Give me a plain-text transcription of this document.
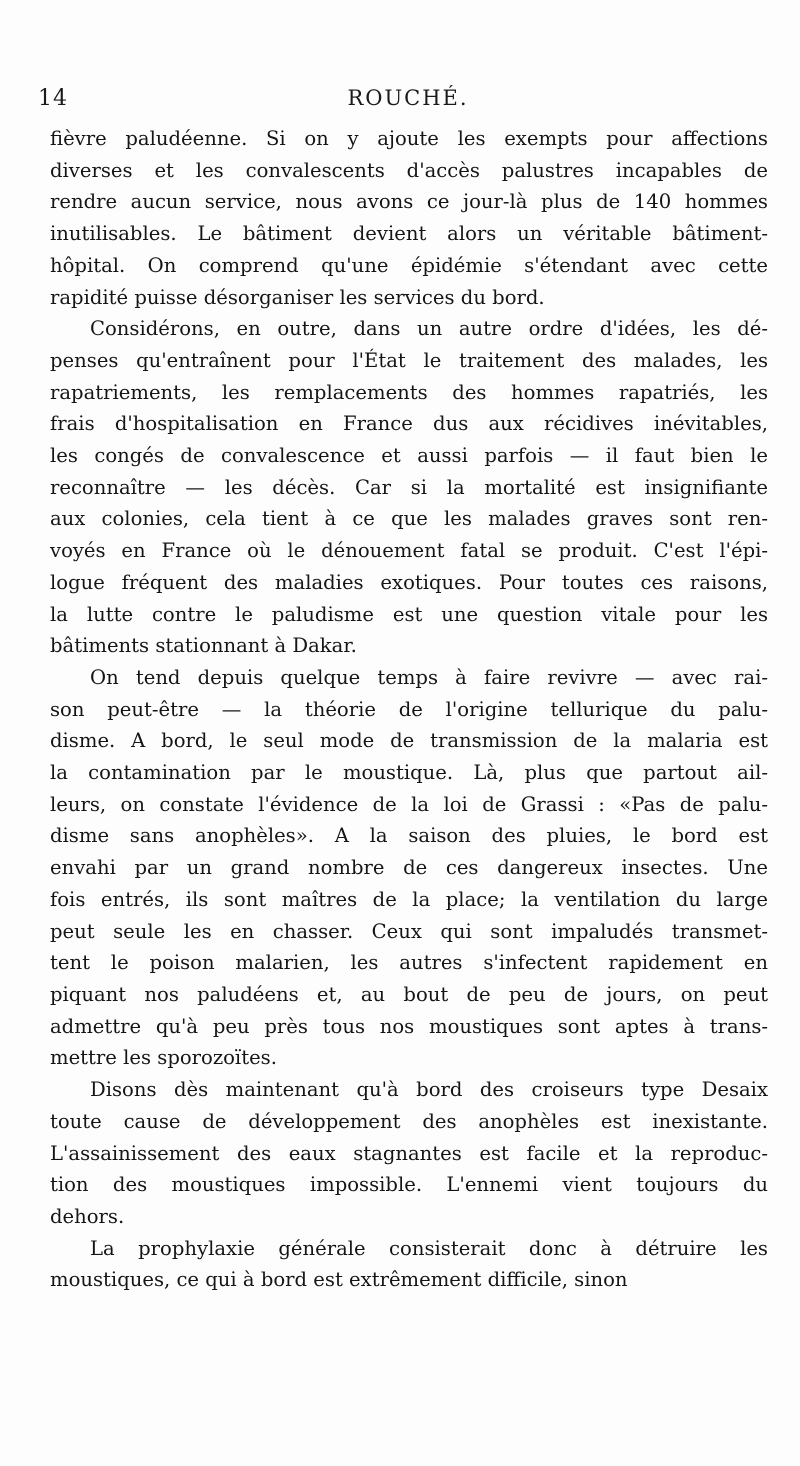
14	ROUCHÉ.
fièvre paludéenne. Si on y ajoute les exempts pour affections
diverses et les convalescents d'accès palustres incapables de
rendre aucun service, nous avons ce jour-là plus de 140 hommes
inutilisables. Le bâtiment devient alors un véritable bâtiment-
hôpital. On comprend qu'une épidémie s'étendant avec cette
rapidité puisse désorganiser les services du bord.
Considérons, en outre, dans un autre ordre d'idées, les dé-
penses qu'entraînent pour l'État le traitement des malades, les
rapatriements, les remplacements des hommes rapatriés, les
frais d'hospitalisation en France dus aux récidives inévitables,
les congés de convalescence et aussi parfois — il faut bien le
reconnaître — les décès. Car si la mortalité est insignifiante
aux colonies, cela tient à ce que les malades graves sont ren-
voyés en France où le dénouement fatal se produit. C'est l'épi-
logue fréquent des maladies exotiques. Pour toutes ces raisons,
la lutte contre le paludisme est une question vitale pour les
bâtiments stationnant à Dakar.
On tend depuis quelque temps à faire revivre — avec rai-
son peut-être — la théorie de l'origine tellurique du palu-
disme. A bord, le seul mode de transmission de la malaria est
la contamination par le moustique. Là, plus que partout ail-
leurs, on constate l'évidence de la loi de Grassi : «Pas de palu-
disme sans anophèles». A la saison des pluies, le bord est
envahi par un grand nombre de ces dangereux insectes. Une
fois entrés, ils sont maîtres de la place; la ventilation du large
peut seule les en chasser. Ceux qui sont impaludés transmet-
tent le poison malarien, les autres s'infectent rapidement en
piquant nos paludéens et, au bout de peu de jours, on peut
admettre qu'à peu près tous nos moustiques sont aptes à trans-
mettre les sporozoïtes.
Disons dès maintenant qu'à bord des croiseurs type Desaix
toute cause de développement des anophèles est inexistante.
L'assainissement des eaux stagnantes est facile et la reproduc-
tion des moustiques impossible. L'ennemi vient toujours du
dehors.
La prophylaxie générale consisterait donc à détruire les
moustiques, ce qui à bord est extrêmement difficile, sinon
